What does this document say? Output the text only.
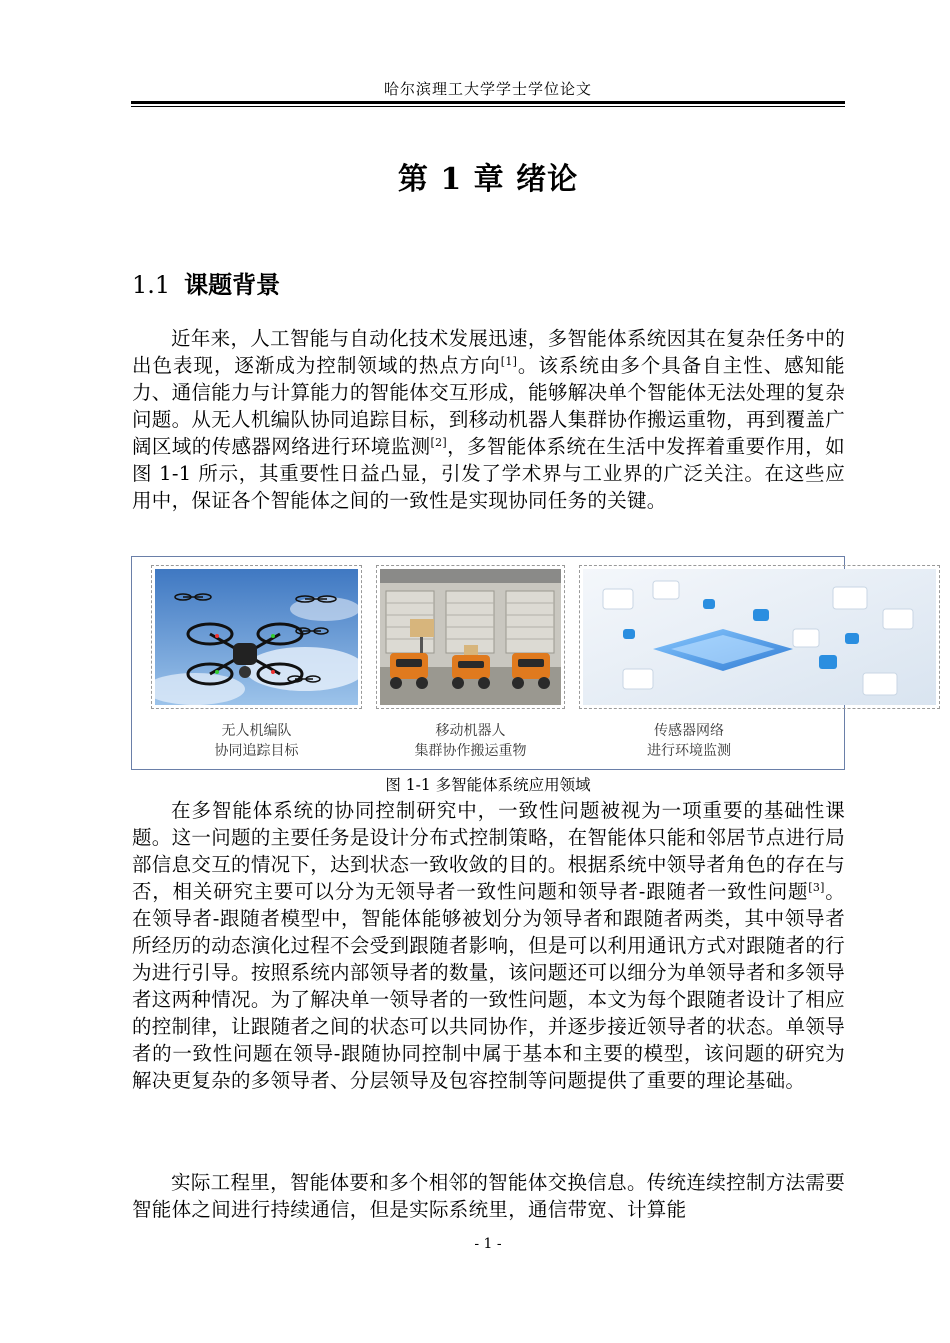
哈尔滨理工大学学士学位论文
第 1 章 绪论
1.1 课题背景

近年来，人工智能与自动化技术发展迅速，多智能体系统因其在复杂任务中的出色表现，逐渐成为控制领域的热点方向[1]。该系统由多个具备自主性、感知能力、通信能力与计算能力的智能体交互形成，能够解决单个智能体无法处理的复杂问题。从无人机编队协同追踪目标，到移动机器人集群协作搬运重物，再到覆盖广阔区域的传感器网络进行环境监测[2]，多智能体系统在生活中发挥着重要作用，如图 1-1 所示，其重要性日益凸显，引发了学术界与工业界的广泛关注。在这些应用中，保证各个智能体之间的一致性是实现协同任务的关键。

无人机编队
协同追踪目标
移动机器人
集群协作搬运重物
传感器网络
进行环境监测
图 1-1 多智能体系统应用领域

在多智能体系统的协同控制研究中，一致性问题被视为一项重要的基础性课题。这一问题的主要任务是设计分布式控制策略，在智能体只能和邻居节点进行局部信息交互的情况下，达到状态一致收敛的目的。根据系统中领导者角色的存在与否，相关研究主要可以分为无领导者一致性问题和领导者-跟随者一致性问题[3]。在领导者-跟随者模型中，智能体能够被划分为领导者和跟随者两类，其中领导者所经历的动态演化过程不会受到跟随者影响，但是可以利用通讯方式对跟随者的行为进行引导。按照系统内部领导者的数量，该问题还可以细分为单领导者和多领导者这两种情况。为了解决单一领导者的一致性问题，本文为每个跟随者设计了相应的控制律，让跟随者之间的状态可以共同协作，并逐步接近领导者的状态。单领导者的一致性问题在领导-跟随协同控制中属于基本和主要的模型，该问题的研究为解决更复杂的多领导者、分层领导及包容控制等问题提供了重要的理论基础。

实际工程里，智能体要和多个相邻的智能体交换信息。传统连续控制方法需要智能体之间进行持续通信，但是实际系统里，通信带宽、计算能

- 1 -
